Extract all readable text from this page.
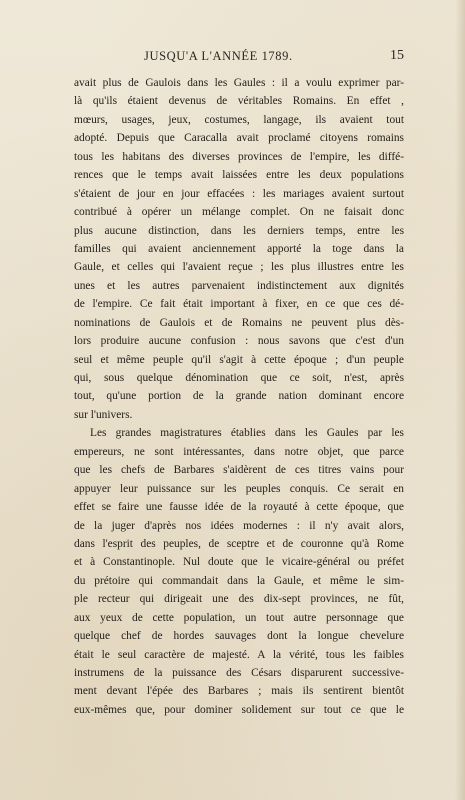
JUSQU'A L'ANNÉE 1789.	15

avait plus de Gaulois dans les Gaules : il a voulu exprimer par-
là qu'ils étaient devenus de véritables Romains. En effet ,
mœurs, usages, jeux, costumes, langage, ils avaient tout
adopté. Depuis que Caracalla avait proclamé citoyens romains
tous les habitans des diverses provinces de l'empire, les diffé-
rences que le temps avait laissées entre les deux populations
s'étaient de jour en jour effacées : les mariages avaient surtout
contribué à opérer un mélange complet. On ne faisait donc
plus aucune distinction, dans les derniers temps, entre les
familles qui avaient anciennement apporté la toge dans la
Gaule, et celles qui l'avaient reçue ; les plus illustres entre les
unes et les autres parvenaient indistinctement aux dignités
de l'empire. Ce fait était important à fixer, en ce que ces dé-
nominations de Gaulois et de Romains ne peuvent plus dès-
lors produire aucune confusion : nous savons que c'est d'un
seul et même peuple qu'il s'agit à cette époque ; d'un peuple
qui, sous quelque dénomination que ce soit, n'est, après
tout, qu'une portion de la grande nation dominant encore
sur l'univers.

Les grandes magistratures établies dans les Gaules par les
empereurs, ne sont intéressantes, dans notre objet, que parce
que les chefs de Barbares s'aidèrent de ces titres vains pour
appuyer leur puissance sur les peuples conquis. Ce serait en
effet se faire une fausse idée de la royauté à cette époque, que
de la juger d'après nos idées modernes : il n'y avait alors,
dans l'esprit des peuples, de sceptre et de couronne qu'à Rome
et à Constantinople. Nul doute que le vicaire-général ou préfet
du prétoire qui commandait dans la Gaule, et même le sim-
ple recteur qui dirigeait une des dix-sept provinces, ne fût,
aux yeux de cette population, un tout autre personnage que
quelque chef de hordes sauvages dont la longue chevelure
était le seul caractère de majesté. A la vérité, tous les faibles
instrumens de la puissance des Césars disparurent successive-
ment devant l'épée des Barbares ; mais ils sentirent bientôt
eux-mêmes que, pour dominer solidement sur tout ce que le
